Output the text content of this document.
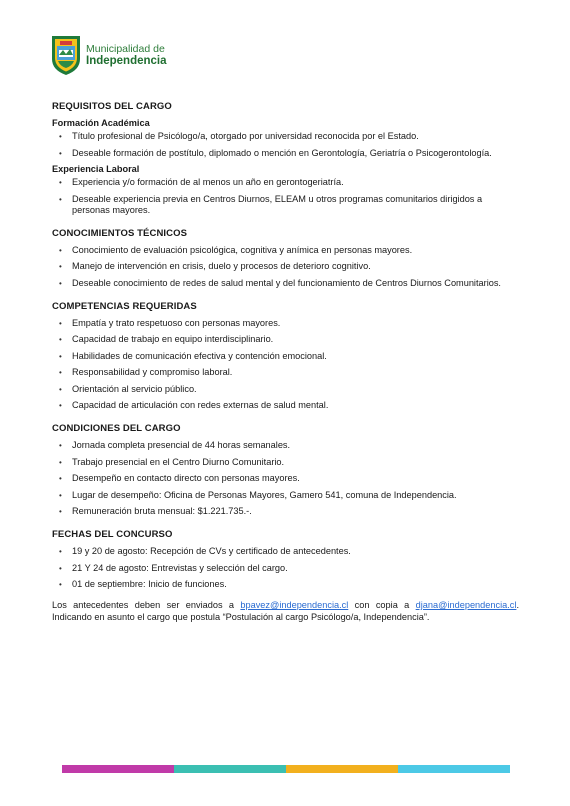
Municipalidad de
Independencia
REQUISITOS DEL CARGO
Formación Académica
• Título profesional de Psicólogo/a, otorgado por universidad reconocida por el Estado.
• Deseable formación de postítulo, diplomado o mención en Gerontología, Geriatría o Psicogerontología.
Experiencia Laboral
• Experiencia y/o formación de al menos un año en gerontogeriatría.
• Deseable experiencia previa en Centros Diurnos, ELEAM u otros programas comunitarios dirigidos a personas mayores.
CONOCIMIENTOS TÉCNICOS
• Conocimiento de evaluación psicológica, cognitiva y anímica en personas mayores.
• Manejo de intervención en crisis, duelo y procesos de deterioro cognitivo.
• Deseable conocimiento de redes de salud mental y del funcionamiento de Centros Diurnos Comunitarios.
COMPETENCIAS REQUERIDAS
• Empatía y trato respetuoso con personas mayores.
• Capacidad de trabajo en equipo interdisciplinario.
• Habilidades de comunicación efectiva y contención emocional.
• Responsabilidad y compromiso laboral.
• Orientación al servicio público.
• Capacidad de articulación con redes externas de salud mental.
CONDICIONES DEL CARGO
• Jornada completa presencial de 44 horas semanales.
• Trabajo presencial en el Centro Diurno Comunitario.
• Desempeño en contacto directo con personas mayores.
• Lugar de desempeño: Oficina de Personas Mayores, Gamero 541, comuna de Independencia.
• Remuneración bruta mensual: $1.221.735.-.
FECHAS DEL CONCURSO
• 19 y 20 de agosto: Recepción de CVs y certificado de antecedentes.
• 21 Y 24 de agosto: Entrevistas y selección del cargo.
• 01 de septiembre: Inicio de funciones.

Los antecedentes deben ser enviados a bpavez@independencia.cl con copia a djana@independencia.cl. Indicando en asunto el cargo que postula “Postulación al cargo Psicólogo/a, Independencia”.
